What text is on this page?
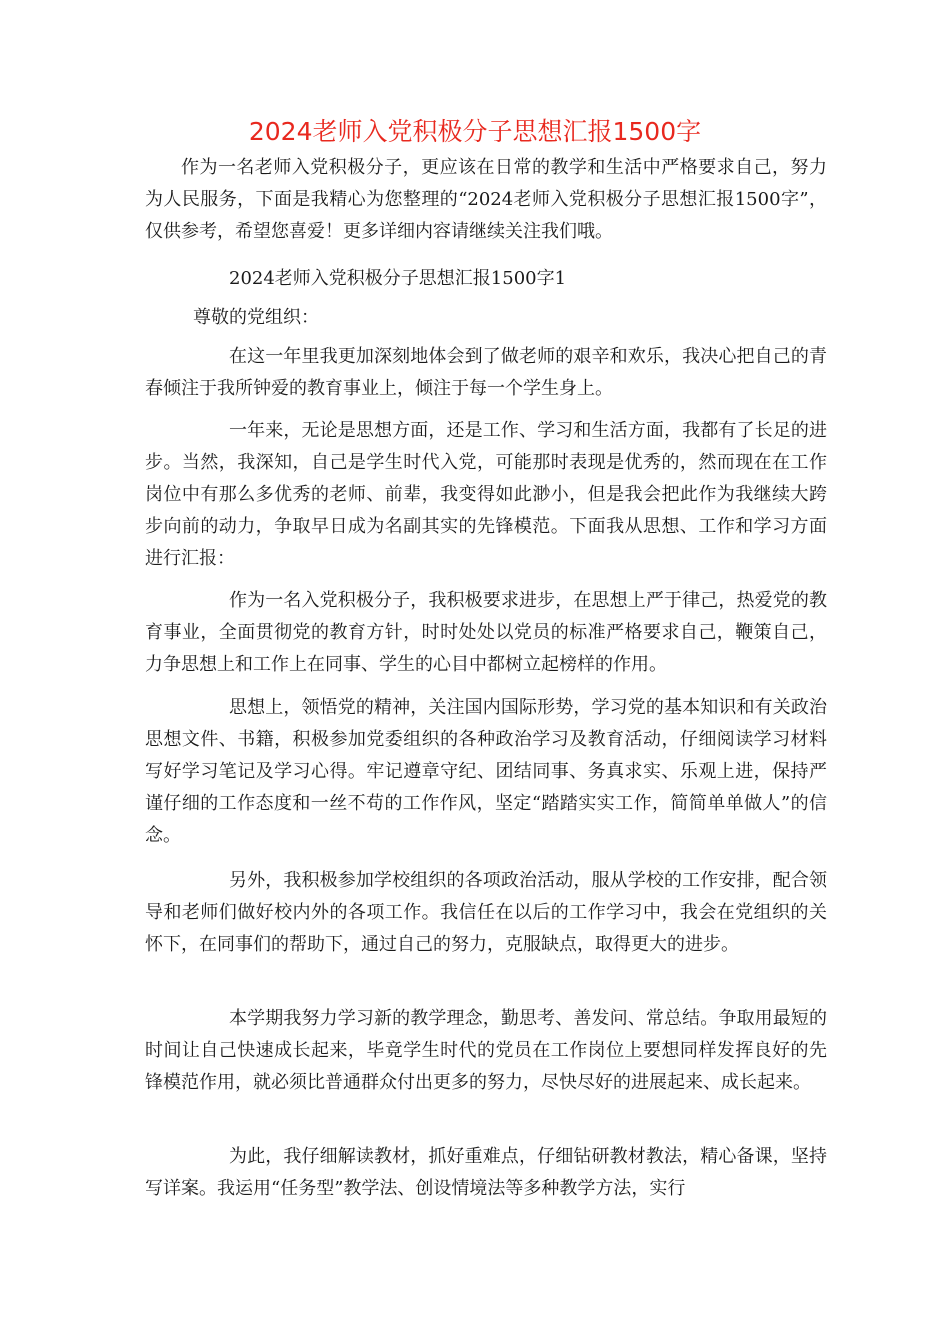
2024老师入党积极分子思想汇报1500字

作为一名老师入党积极分子，更应该在日常的教学和生活中严格要求自己，努力为人民服务，下面是我精心为您整理的“2024老师入党积极分子思想汇报1500字”，仅供参考，希望您喜爱！更多详细内容请继续关注我们哦。

2024老师入党积极分子思想汇报1500字1

尊敬的党组织：

在这一年里我更加深刻地体会到了做老师的艰辛和欢乐，我决心把自己的青春倾注于我所钟爱的教育事业上，倾注于每一个学生身上。

一年来，无论是思想方面，还是工作、学习和生活方面，我都有了长足的进步。当然，我深知，自己是学生时代入党，可能那时表现是优秀的，然而现在在工作岗位中有那么多优秀的老师、前辈，我变得如此渺小，但是我会把此作为我继续大跨步向前的动力，争取早日成为名副其实的先锋模范。下面我从思想、工作和学习方面进行汇报：

作为一名入党积极分子，我积极要求进步，在思想上严于律己，热爱党的教育事业，全面贯彻党的教育方针，时时处处以党员的标准严格要求自己，鞭策自己，力争思想上和工作上在同事、学生的心目中都树立起榜样的作用。

思想上，领悟党的精神，关注国内国际形势，学习党的基本知识和有关政治思想文件、书籍，积极参加党委组织的各种政治学习及教育活动，仔细阅读学习材料写好学习笔记及学习心得。牢记遵章守纪、团结同事、务真求实、乐观上进，保持严谨仔细的工作态度和一丝不苟的工作作风，坚定“踏踏实实工作，简简单单做人”的信念。

另外，我积极参加学校组织的各项政治活动，服从学校的工作安排，配合领导和老师们做好校内外的各项工作。我信任在以后的工作学习中，我会在党组织的关怀下，在同事们的帮助下，通过自己的努力，克服缺点，取得更大的进步。

本学期我努力学习新的教学理念，勤思考、善发问、常总结。争取用最短的时间让自己快速成长起来，毕竟学生时代的党员在工作岗位上要想同样发挥良好的先锋模范作用，就必须比普通群众付出更多的努力，尽快尽好的进展起来、成长起来。

为此，我仔细解读教材，抓好重难点，仔细钻研教材教法，精心备课，坚持写详案。我运用“任务型”教学法、创设情境法等多种教学方法，实行
